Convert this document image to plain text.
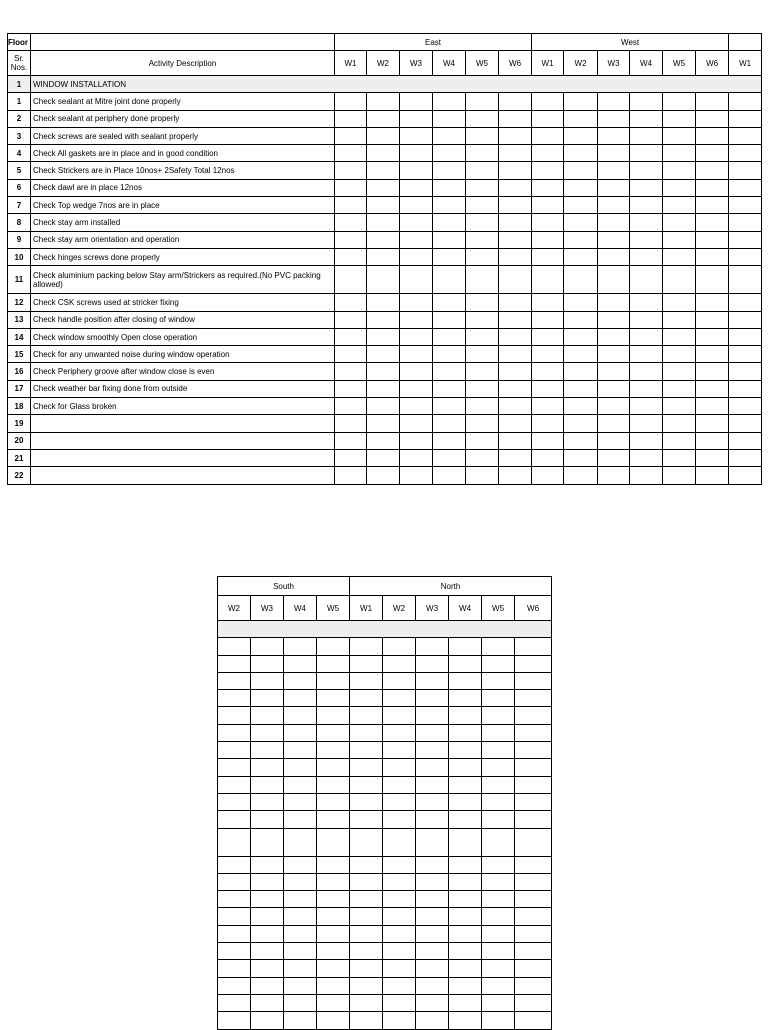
Floor		East						West						
Sr. Nos.	Activity Description	W1	W2	W3	W4	W5	W6	W1	W2	W3	W4	W5	W6	W1
1	WINDOW INSTALLATION													
1	Check sealant at Mitre joint done properly													
2	Check sealant at periphery done properly													
3	Check screws are sealed with sealant properly													
4	Check All gaskets are in place and in good condition													
5	Check Strickers are in Place 10nos+ 2Safety Total 12nos													
6	Check dawl are in place 12nos													
7	Check Top wedge 7nos are in place													
8	Check stay arm installed													
9	Check stay arm orientation and operation													
10	Check hinges screws done properly													
11	Check aluminium packing below Stay arm/Strickers as required.(No PVC packing allowed)													
12	Check CSK screws used at stricker fixing													
13	Check handle position after closing of window													
14	Check window smoothly Open close operation													
15	Check for any unwanted noise during window operation													
16	Check Periphery groove after window close is even													
17	Check weather bar fixing done from outside													
18	Check for Glass broken													
19														
20														
21														
22														
South				North					
W2	W3	W4	W5	W1	W2	W3	W4	W5	W6
